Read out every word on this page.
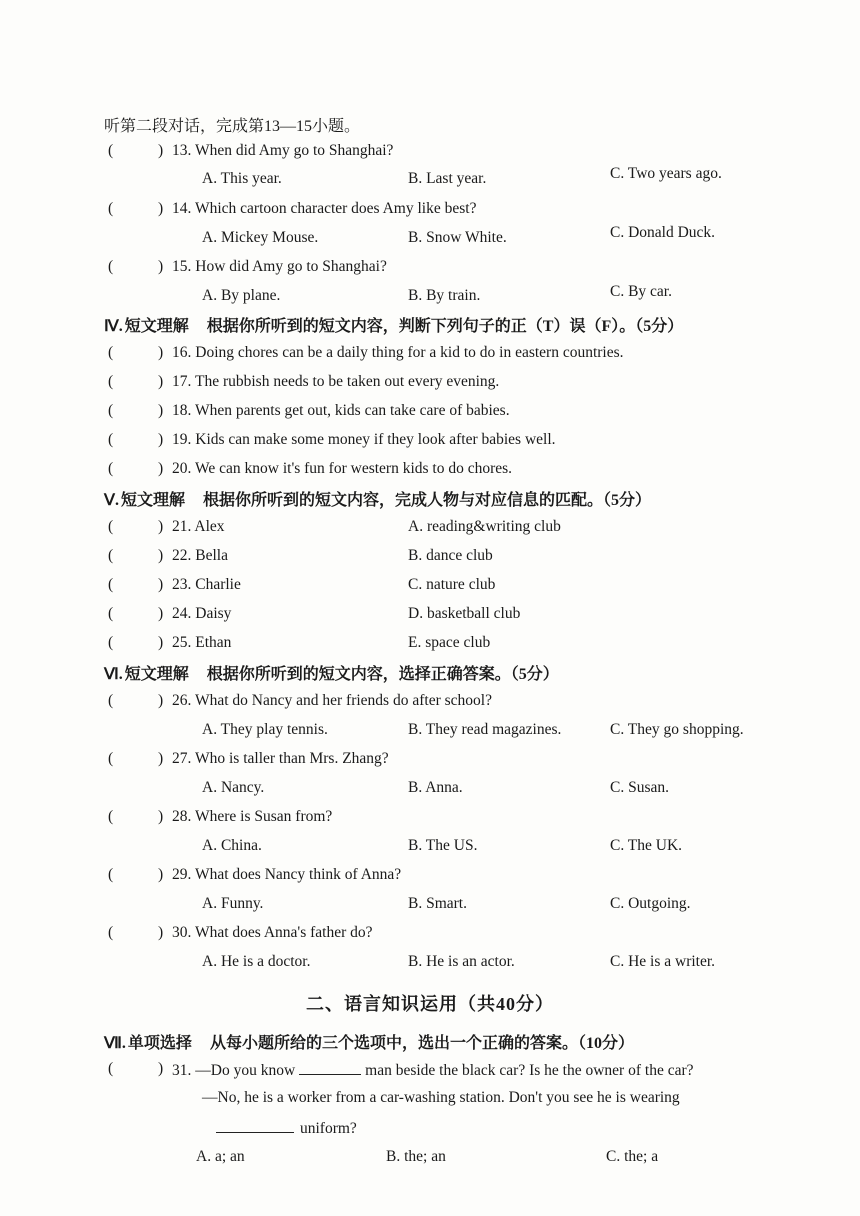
听第二段对话，完成第13—15小题。
(	) 13. When did Amy go to Shanghai?
A. This year.	B. Last year.	C. Two years ago.
(	) 14. Which cartoon character does Amy like best?
A. Mickey Mouse.	B. Snow White.	C. Donald Duck.
(	) 15. How did Amy go to Shanghai?
A. By plane.	B. By train.	C. By car.
Ⅳ. 短文理解 根据你所听到的短文内容，判断下列句子的正（T）误（F）。（5分）
(	) 16. Doing chores can be a daily thing for a kid to do in eastern countries.
(	) 17. The rubbish needs to be taken out every evening.
(	) 18. When parents get out, kids can take care of babies.
(	) 19. Kids can make some money if they look after babies well.
(	) 20. We can know it's fun for western kids to do chores.
Ⅴ. 短文理解 根据你所听到的短文内容，完成人物与对应信息的匹配。（5分）
(	) 21. Alex	A. reading&writing club
(	) 22. Bella	B. dance club
(	) 23. Charlie	C. nature club
(	) 24. Daisy	D. basketball club
(	) 25. Ethan	E. space club
Ⅵ. 短文理解 根据你所听到的短文内容，选择正确答案。（5分）
(	) 26. What do Nancy and her friends do after school?
A. They play tennis.	B. They read magazines.	C. They go shopping.
(	) 27. Who is taller than Mrs. Zhang?
A. Nancy.	B. Anna.	C. Susan.
(	) 28. Where is Susan from?
A. China.	B. The US.	C. The UK.
(	) 29. What does Nancy think of Anna?
A. Funny.	B. Smart.	C. Outgoing.
(	) 30. What does Anna's father do?
A. He is a doctor.	B. He is an actor.	C. He is a writer.
二、语言知识运用（共40分）
Ⅶ. 单项选择 从每小题所给的三个选项中，选出一个正确的答案。（10分）
(	) 31. —Do you know	man beside the black car? Is he the owner of the car?
—No, he is a worker from a car-washing station. Don't you see he is wearing
uniform?
A. a; an	B. the; an	C. the; a
